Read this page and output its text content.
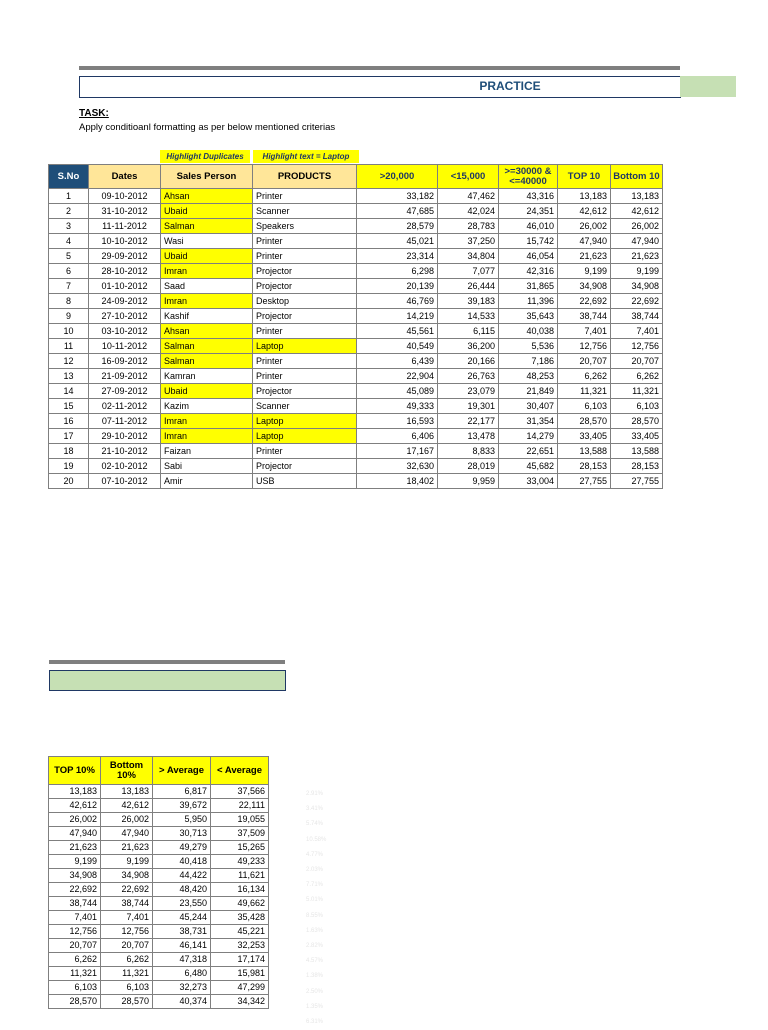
PRACTICE
TASK:
Apply conditioanl formatting as per below mentioned criterias
Highlight Duplicates	Highlight text = Laptop
S.No	Dates	Sales Person	PRODUCTS	>20,000	<15,000	>=30000 & <=40000	TOP 10	Bottom 10
1	09-10-2012	Ahsan	Printer	33,182	47,462	43,316	13,183	13,183
2	31-10-2012	Ubaid	Scanner	47,685	42,024	24,351	42,612	42,612
3	11-11-2012	Salman	Speakers	28,579	28,783	46,010	26,002	26,002
4	10-10-2012	Wasi	Printer	45,021	37,250	15,742	47,940	47,940
5	29-09-2012	Ubaid	Printer	23,314	34,804	46,054	21,623	21,623
6	28-10-2012	Imran	Projector	6,298	7,077	42,316	9,199	9,199
7	01-10-2012	Saad	Projector	20,139	26,444	31,865	34,908	34,908
8	24-09-2012	Imran	Desktop	46,769	39,183	11,396	22,692	22,692
9	27-10-2012	Kashif	Projector	14,219	14,533	35,643	38,744	38,744
10	03-10-2012	Ahsan	Printer	45,561	6,115	40,038	7,401	7,401
11	10-11-2012	Salman	Laptop	40,549	36,200	5,536	12,756	12,756
12	16-09-2012	Salman	Printer	6,439	20,166	7,186	20,707	20,707
13	21-09-2012	Kamran	Printer	22,904	26,763	48,253	6,262	6,262
14	27-09-2012	Ubaid	Projector	45,089	23,079	21,849	11,321	11,321
15	02-11-2012	Kazim	Scanner	49,333	19,301	30,407	6,103	6,103
16	07-11-2012	Imran	Laptop	16,593	22,177	31,354	28,570	28,570
17	29-10-2012	Imran	Laptop	6,406	13,478	14,279	33,405	33,405
18	21-10-2012	Faizan	Printer	17,167	8,833	22,651	13,588	13,588
19	02-10-2012	Sabi	Projector	32,630	28,019	45,682	28,153	28,153
20	07-10-2012	Amir	USB	18,402	9,959	33,004	27,755	27,755
TOP 10%	Bottom 10%	> Average	< Average
13,183	13,183	6,817	37,566
42,612	42,612	39,672	22,111
26,002	26,002	5,950	19,055
47,940	47,940	30,713	37,509
21,623	21,623	49,279	15,265
9,199	9,199	40,418	49,233
34,908	34,908	44,422	11,621
22,692	22,692	48,420	16,134
38,744	38,744	23,550	49,662
7,401	7,401	45,244	35,428
12,756	12,756	38,731	45,221
20,707	20,707	46,141	32,253
6,262	6,262	47,318	17,174
11,321	11,321	6,480	15,981
6,103	6,103	32,273	47,299
28,570	28,570	40,374	34,342
2.91%
3.41%
5.74%
10.58%
4.77%
2.03%
7.71%
5.01%
8.55%
1.63%
2.82%
4.57%
1.38%
2.50%
1.35%
6.31%
